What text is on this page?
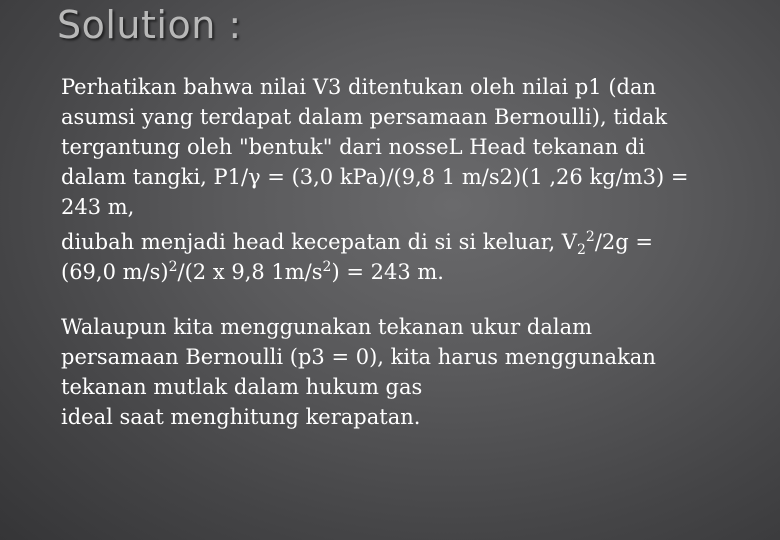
Solution :
Perhatikan bahwa nilai V3 ditentukan oleh nilai p1 (dan
asumsi yang terdapat dalam persamaan Bernoulli), tidak
tergantung oleh "bentuk" dari nosseL Head tekanan di
dalam tangki, P1/γ = (3,0 kPa)/(9,8 1 m/s2)(1 ,26 kg/m3) =
243 m,
diubah menjadi head kecepatan di si si keluar, $V_2^2/2g$ =
(69,0 m/s)$^2$/(2 x 9,8 $1m/s^2) = 243$ m.
Walaupun kita menggunakan tekanan ukur dalam
persamaan Bernoulli (p3 = 0), kita harus menggunakan
tekanan mutlak dalam hukum gas
ideal saat menghitung kerapatan.
